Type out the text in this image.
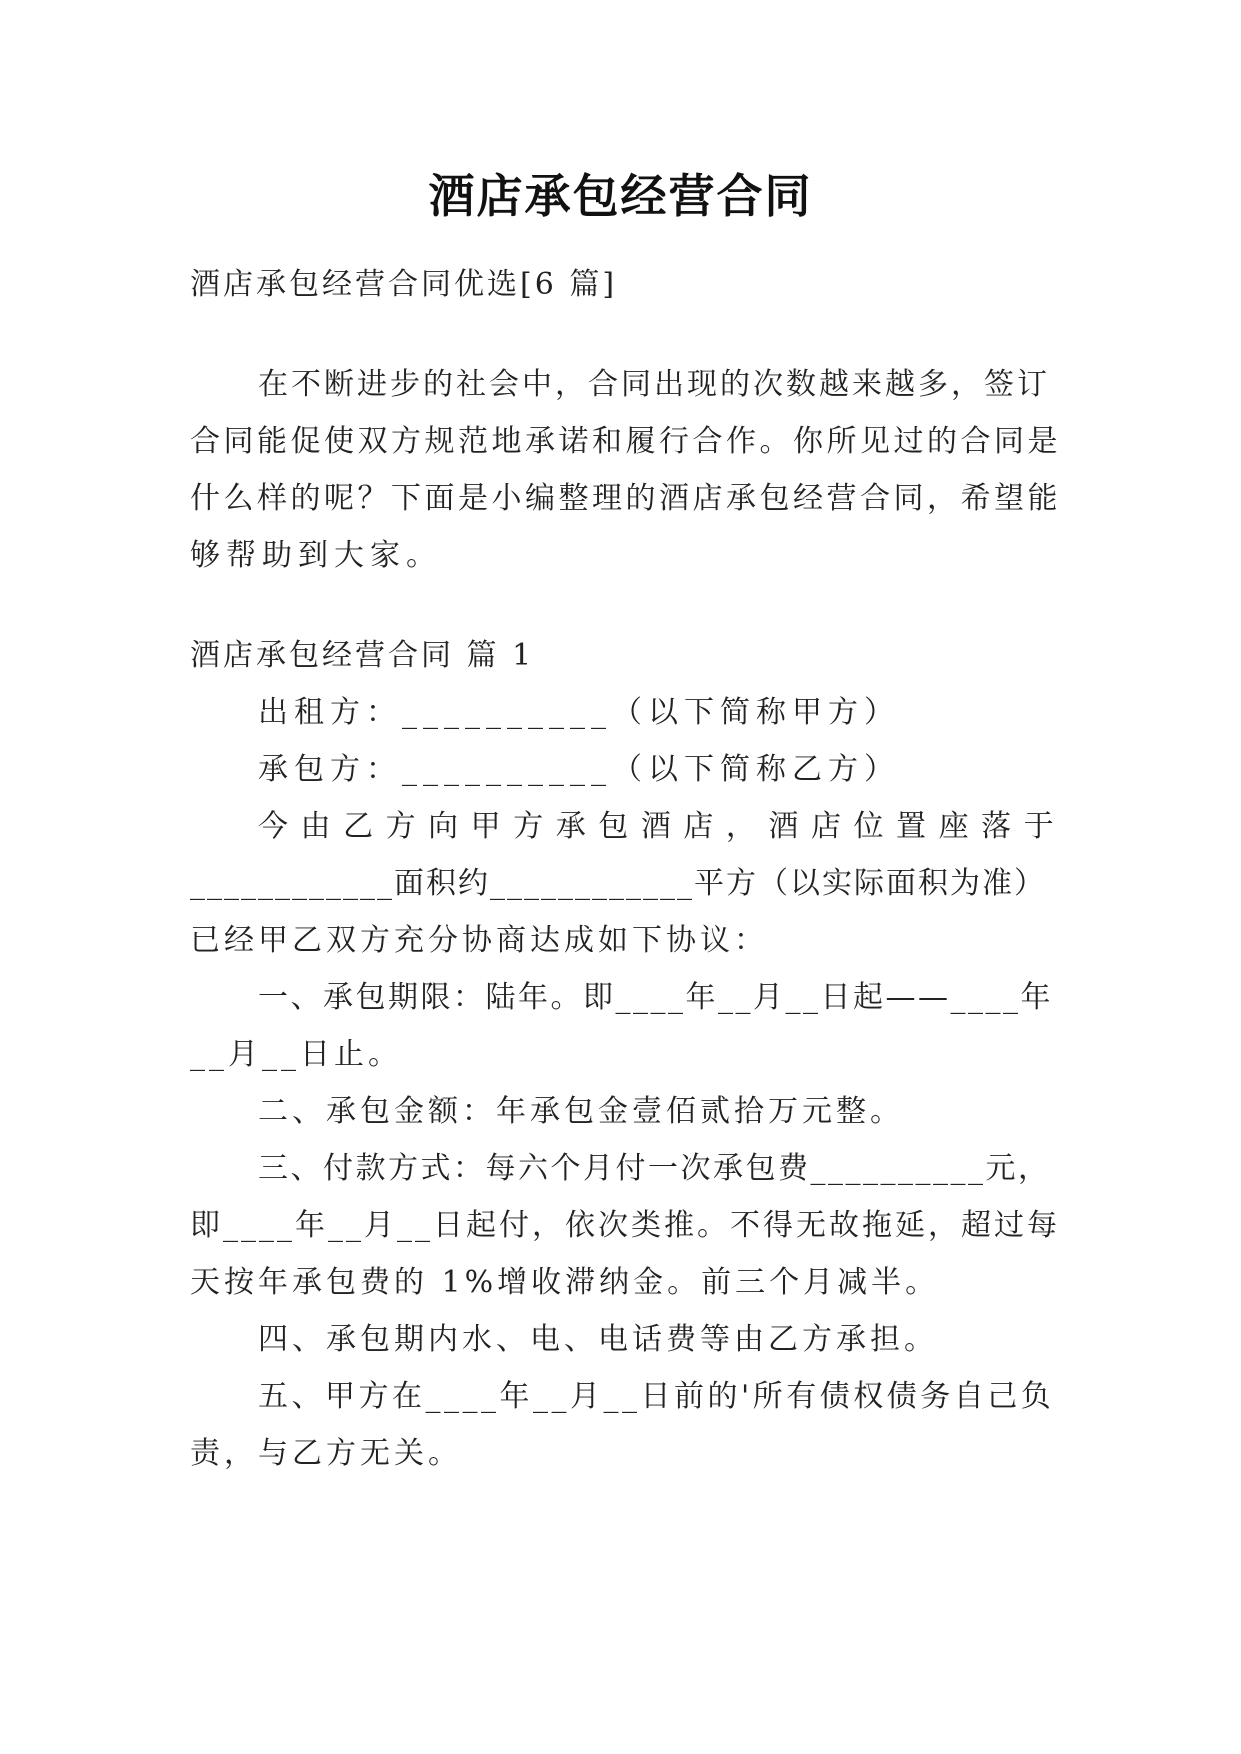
酒店承包经营合同
酒店承包经营合同优选[6 篇]
在不断进步的社会中，合同出现的次数越来越多，签订
合同能促使双方规范地承诺和履行合作。你所见过的合同是
什么样的呢？下面是小编整理的酒店承包经营合同，希望能
够帮助到大家。
酒店承包经营合同 篇 1
出租方：__________（以下简称甲方）
承包方：__________（以下简称乙方）
今 由 乙 方 向 甲 方 承 包 酒 店 ， 酒 店 位 置 座 落 于
____________面积约____________平方（以实际面积为准）
已经甲乙双方充分协商达成如下协议：
一、承包期限：陆年。即____年__月__日起——____年
__月__日止。
二、承包金额：年承包金壹佰贰拾万元整。
三、付款方式：每六个月付一次承包费__________元，
即____年__月__日起付，依次类推。不得无故拖延，超过每
天按年承包费的 1%增收滞纳金。前三个月减半。
四、承包期内水、电、电话费等由乙方承担。
五、甲方在____年__月__日前的'所有债权债务自己负
责，与乙方无关。
